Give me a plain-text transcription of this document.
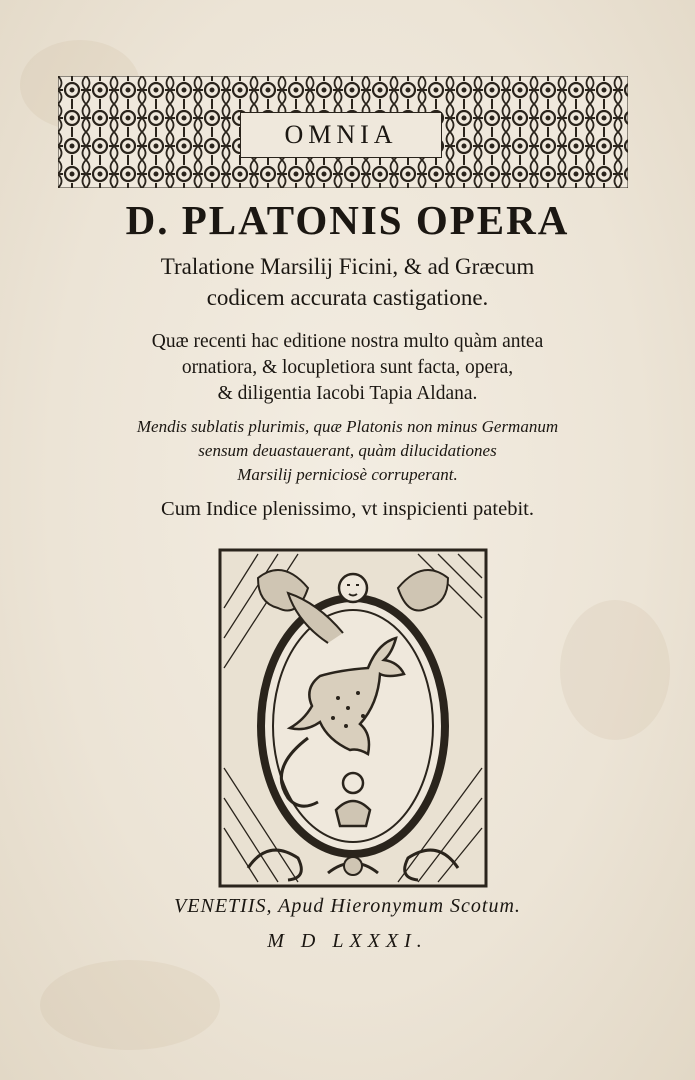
OMNIA
D. PLATONIS OPERA
Tralatione Marsilij Ficini, & ad Græcum
codicem accurata castigatione.
Quæ recenti hac editione nostra multo quàm antea
ornatiora, & locupletiora sunt facta, opera,
& diligentia Iacobi Tapia Aldana.
Mendis sublatis plurimis, quæ Platonis non minus Germanum
sensum deuastauerant, quàm dilucidationes
Marsilij perniciosè corruperant.
Cum Indice plenissimo, vt inspicienti patebit.
VENETIIS, Apud Hieronymum Scotum.
M D LXXXI.
